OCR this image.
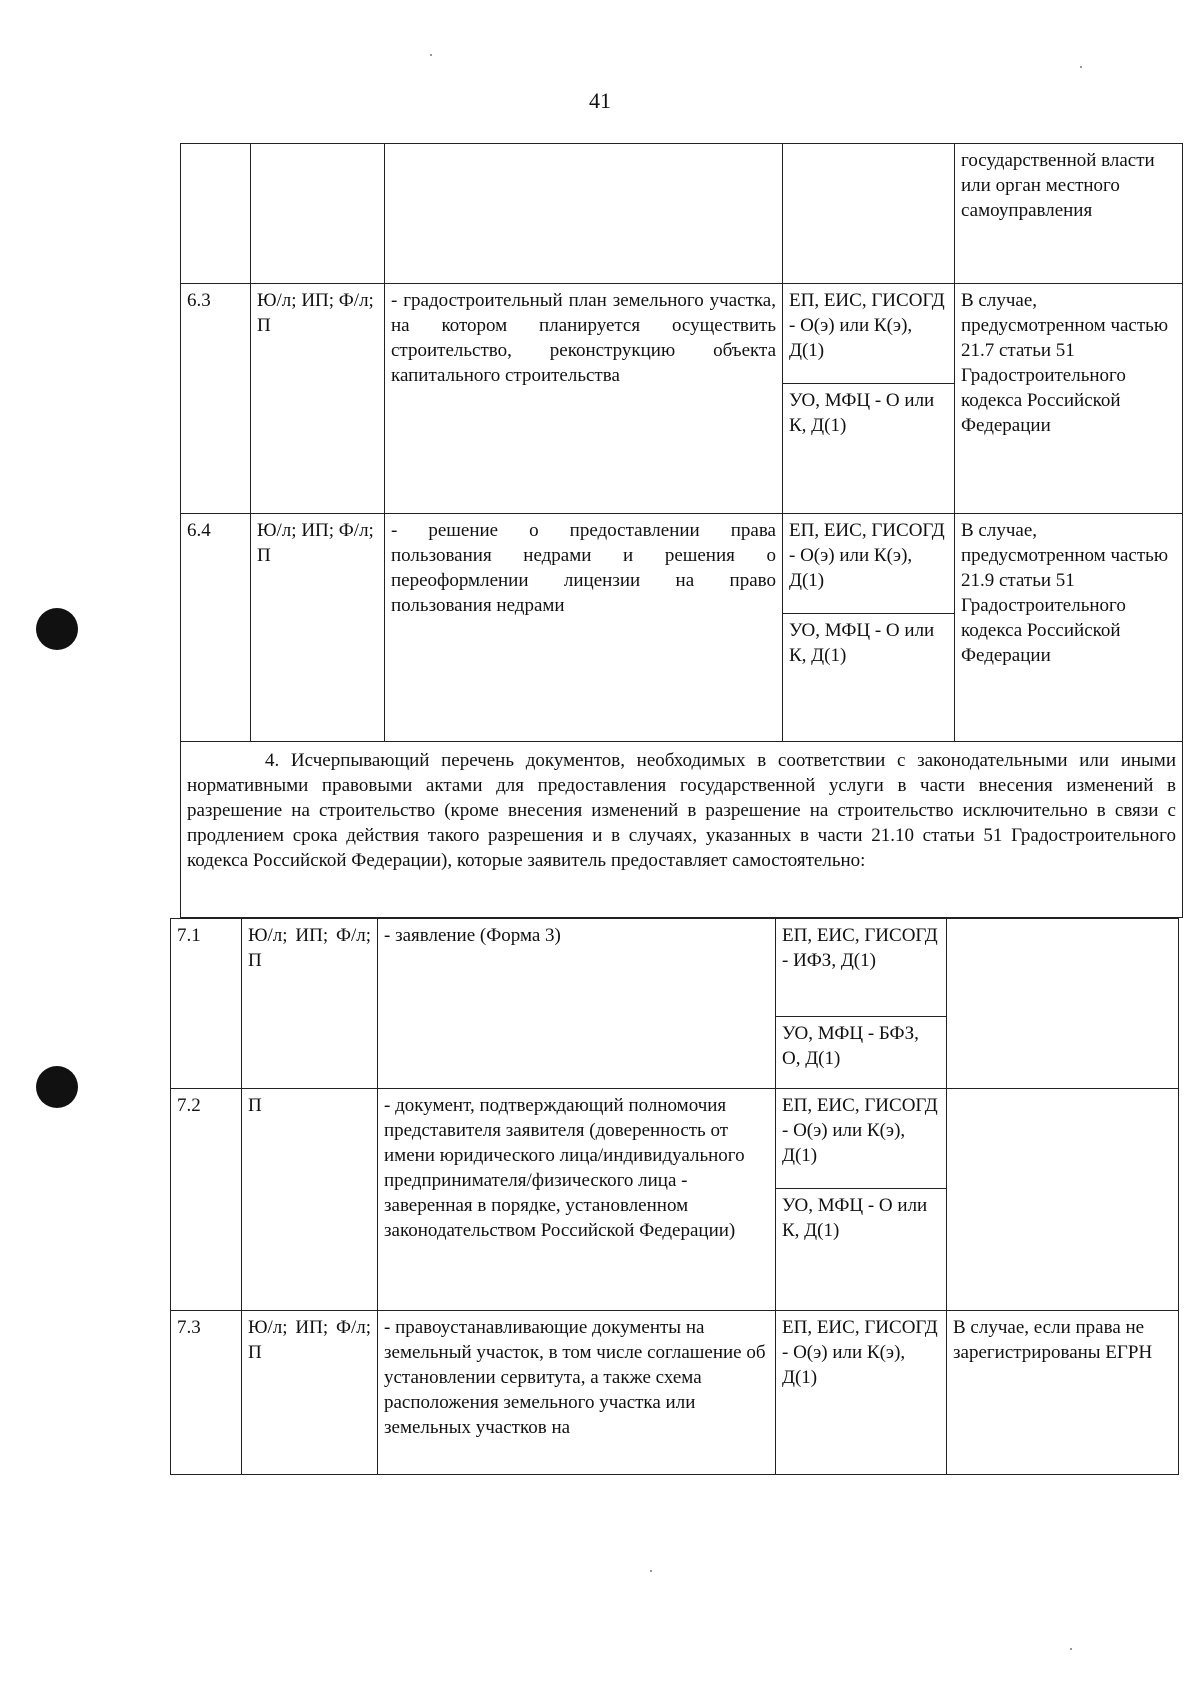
41
				государственной власти или орган местного самоуправления
6.3	Ю/л; ИП; Ф/л; П	- градостроительный план земельного участка, на котором планируется осуществить строительство, реконструкцию объекта капитального строительства	ЕП, ЕИС, ГИСОГД - О(э) или К(э), Д(1)	В случае, предусмотренном частью 21.7 статьи 51 Градостроительного кодекса Российской Федерации
			УО, МФЦ - О или К, Д(1)	
6.4	Ю/л; ИП; Ф/л; П	- решение о предоставлении права пользования недрами и решения о переоформлении лицензии на право пользования недрами	ЕП, ЕИС, ГИСОГД - О(э) или К(э), Д(1)	В случае, предусмотренном частью 21.9 статьи 51 Градостроительного кодекса Российской Федерации
			УО, МФЦ - О или К, Д(1)	

4. Исчерпывающий перечень документов, необходимых в соответствии с законодательными или иными нормативными правовыми актами для предоставления государственной услуги в части внесения изменений в разрешение на строительство (кроме внесения изменений в разрешение на строительство исключительно в связи с продлением срока действия такого разрешения и в случаях, указанных в части 21.10 статьи 51 Градостроительного кодекса Российской Федерации), которые заявитель предоставляет самостоятельно:				
7.1	Ю/л; ИП; Ф/л; П	- заявление (Форма 3)	ЕП, ЕИС, ГИСОГД - ИФЗ, Д(1)	
			УО, МФЦ - БФЗ, О, Д(1)	
7.2	П	- документ, подтверждающий полномочия представителя заявителя (доверенность от имени юридического лица/индивидуального предпринимателя/физического лица - заверенная в порядке, установленном законодательством Российской Федерации)	ЕП, ЕИС, ГИСОГД - О(э) или К(э), Д(1)	
			УО, МФЦ - О или К, Д(1)	
7.3	Ю/л; ИП; Ф/л; П	- правоустанавливающие документы на земельный участок, в том числе соглашение об установлении сервитута, а также схема расположения земельного участка или земельных участков на	ЕП, ЕИС, ГИСОГД - О(э) или К(э), Д(1)	В случае, если права не зарегистрированы ЕГРН
